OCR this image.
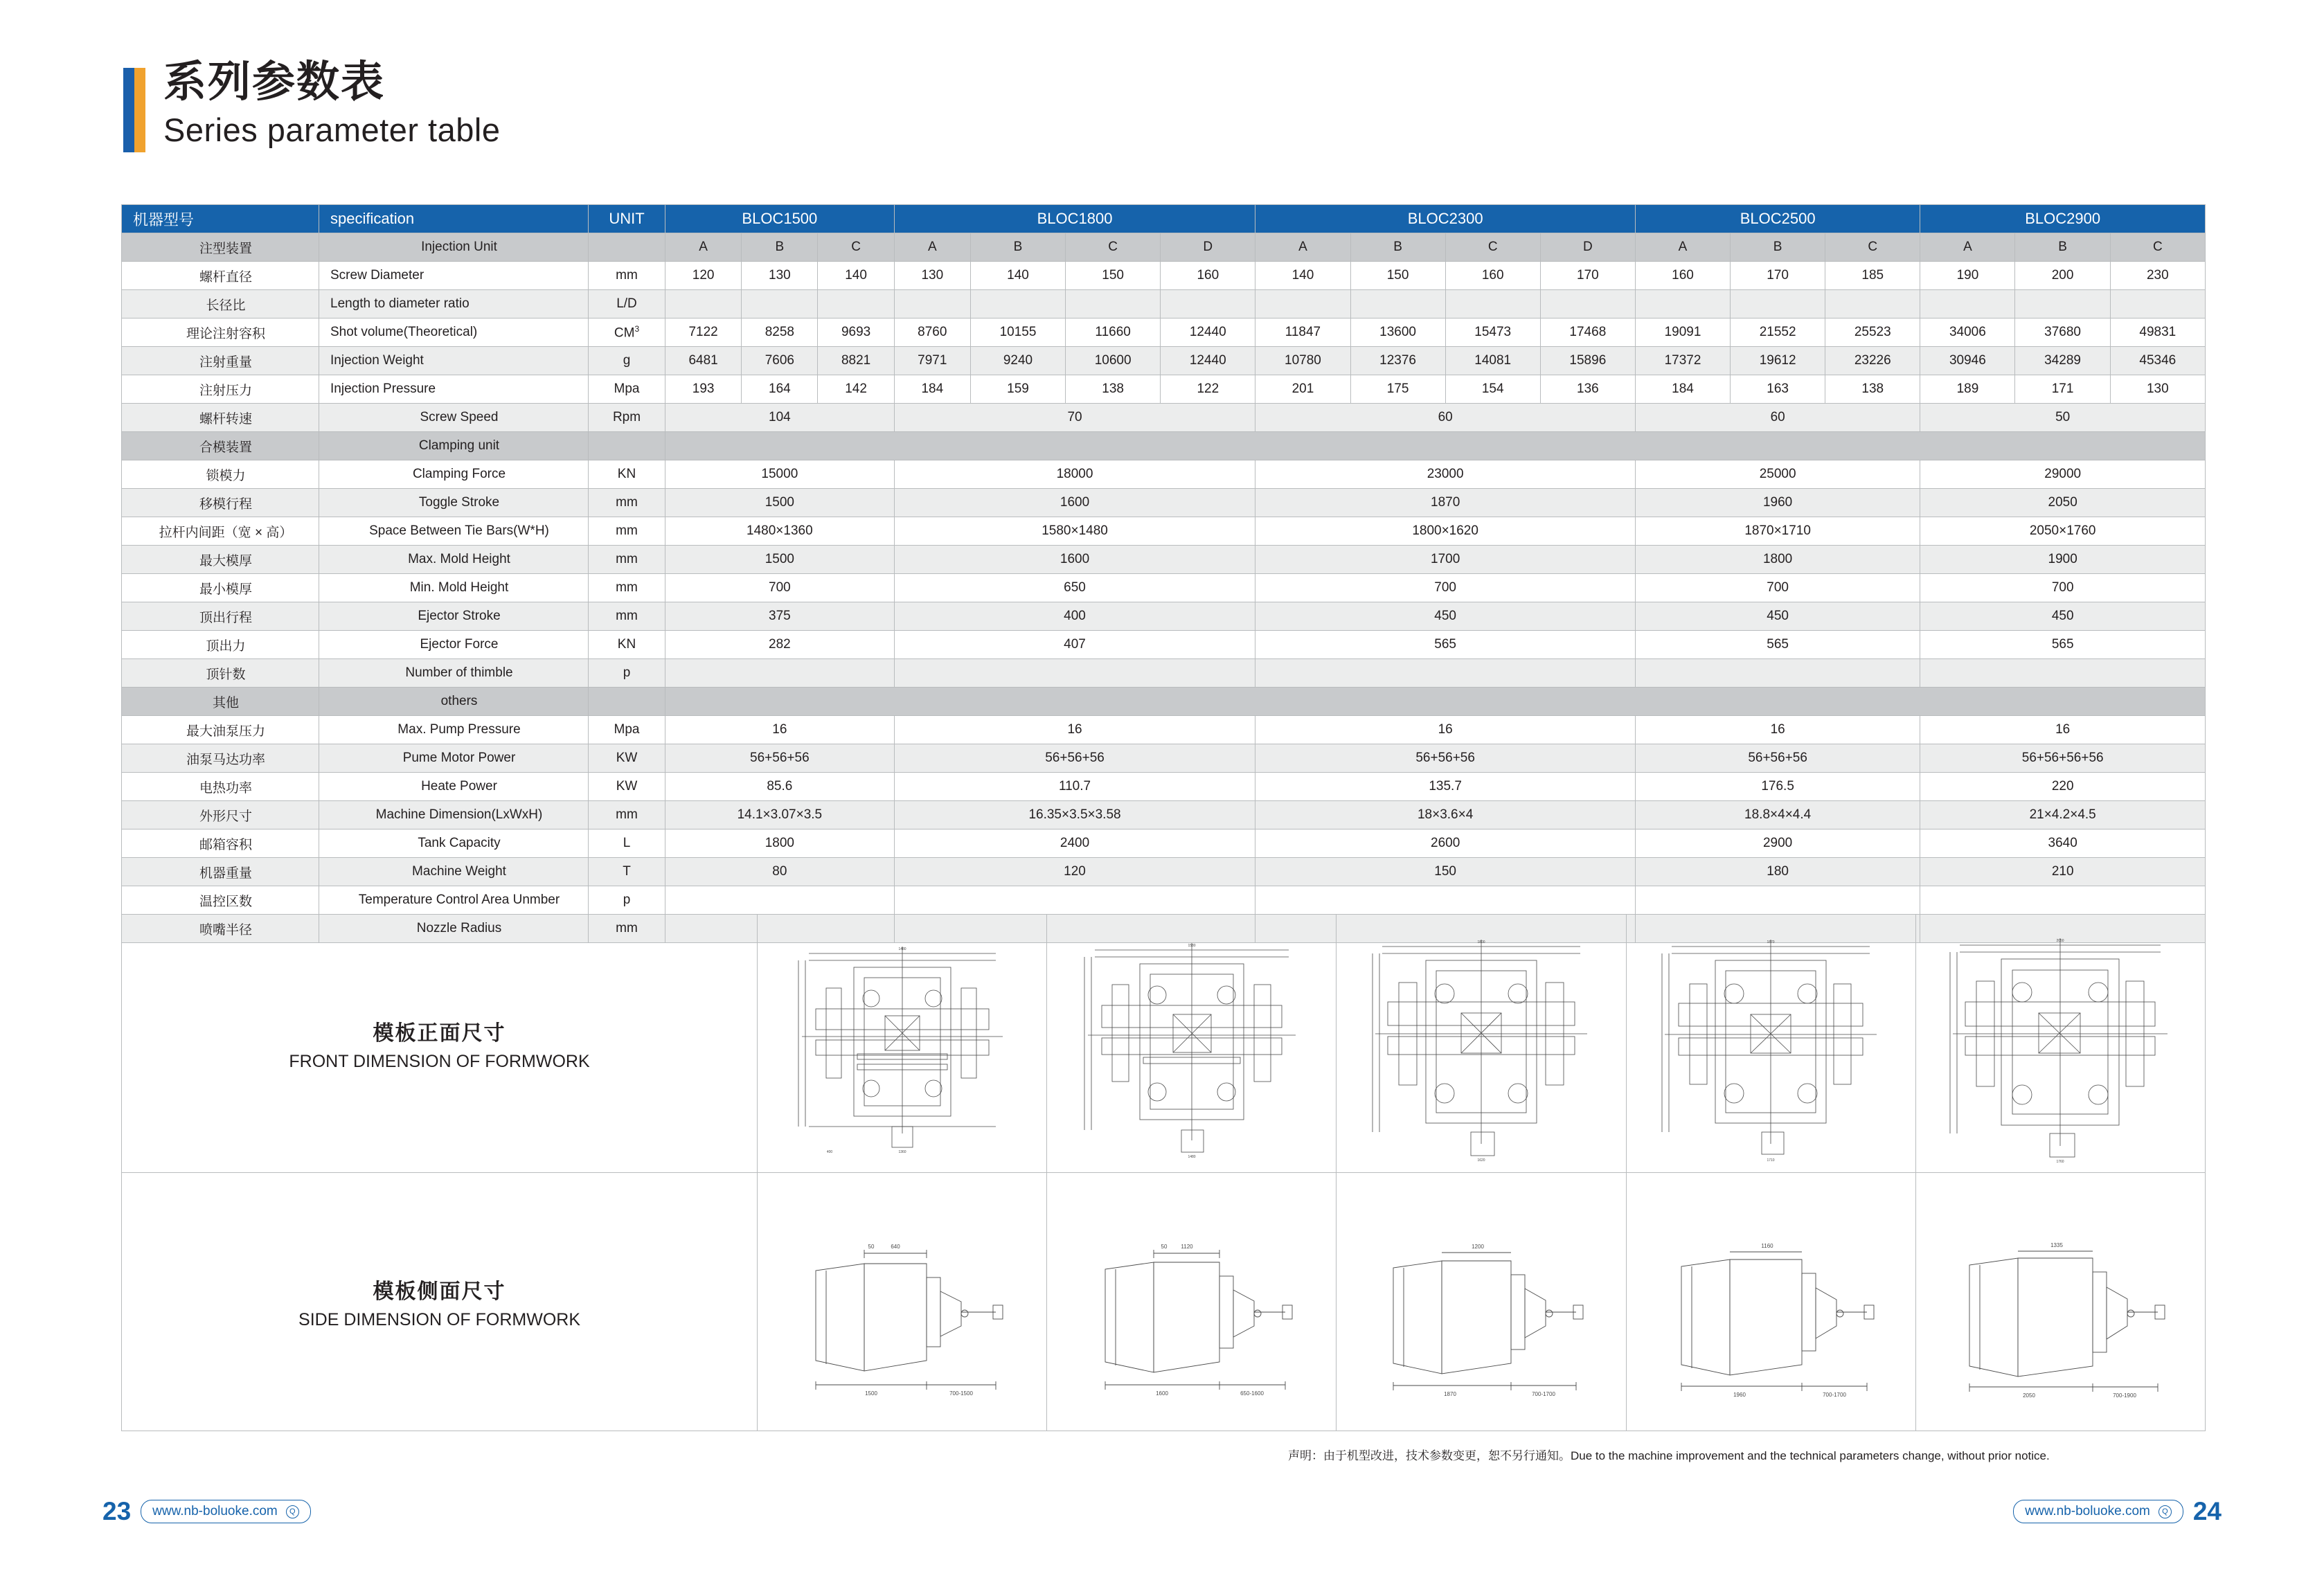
系列参数表
Series parameter table
机器型号	specification	UNIT	BLOC1500			BLOC1800				BLOC2300				BLOC2500			BLOC2900		
注型装置	Injection Unit		A	B	C	A	B	C	D	A	B	C	D	A	B	C	A	B	C
螺杆直径	Screw Diameter	mm	120	130	140	130	140	150	160	140	150	160	170	160	170	185	190	200	230
长径比	Length to diameter ratio	L/D																	
理论注射容积	Shot volume(Theoretical)	$CM^3$	7122	8258	9693	8760	10155	11660	12440	11847	13600	15473	17468	19091	21552	25523	34006	37680	49831
注射重量	Injection Weight	g	6481	7606	8821	7971	9240	10600	12440	10780	12376	14081	15896	17372	19612	23226	30946	34289	45346
注射压力	Injection Pressure	Mpa	193	164	142	184	159	138	122	201	175	154	136	184	163	138	189	171	130
螺杆转速	Screw Speed	Rpm	104			70				60				60			50		
合模装置	Clamping unit																		
锁模力	Clamping Force	KN	15000			18000				23000				25000			29000		
移模行程	Toggle Stroke	mm	1500			1600				1870				1960			2050		
拉杆内间距（宽 × 高）	Space Between Tie Bars(W*H)	mm	1480×1360			1580×1480				1800×1620				1870×1710			2050×1760		
最大模厚	Max. Mold Height	mm	1500			1600				1700				1800			1900		
最小模厚	Min. Mold Height	mm	700			650				700				700			700		
顶出行程	Ejector Stroke	mm	375			400				450				450			450		
顶出力	Ejector Force	KN	282			407				565				565			565		
顶针数	Number of thimble	p																	
其他	others																		
最大油泵压力	Max. Pump Pressure	Mpa	16			16				16				16			16		
油泵马达功率	Pume Motor Power	KW	56+56+56			56+56+56				56+56+56				56+56+56			56+56+56+56		
电热功率	Heate Power	KW	85.6			110.7				135.7				176.5			220		
外形尺寸	Machine Dimension(LxWxH)	mm	14.1×3.07×3.5			16.35×3.5×3.58				18×3.6×4				18.8×4×4.4			21×4.2×4.5		
邮箱容积	Tank Capacity	L	1800			2400				2600				2900			3640		
机器重量	Machine Weight	T	80			120				150				180			210		
温控区数	Temperature Control Area Unmber	p																	
喷嘴半径	Nozzle Radius	mm																	
模板正面尺寸
FRONT DIMENSION OF FORMWORK

1480
1360
400

1580
1480

1800
1620

1870
1710

2050
1760

模板侧面尺寸
SIDE DIMENSION OF FORMWORK

1500	700-1500
640
50

1600	650-1600
1120
50

1870	700-1700
1200

1960	700-1700
1160

2050	700-1900
1335
声明：由于机型改进，技术参数变更，恕不另行通知。Due to the machine improvement and the technical parameters change, without prior notice.
23 www.nb-boluoke.com	Q	www.nb-boluoke.com	Q 24
